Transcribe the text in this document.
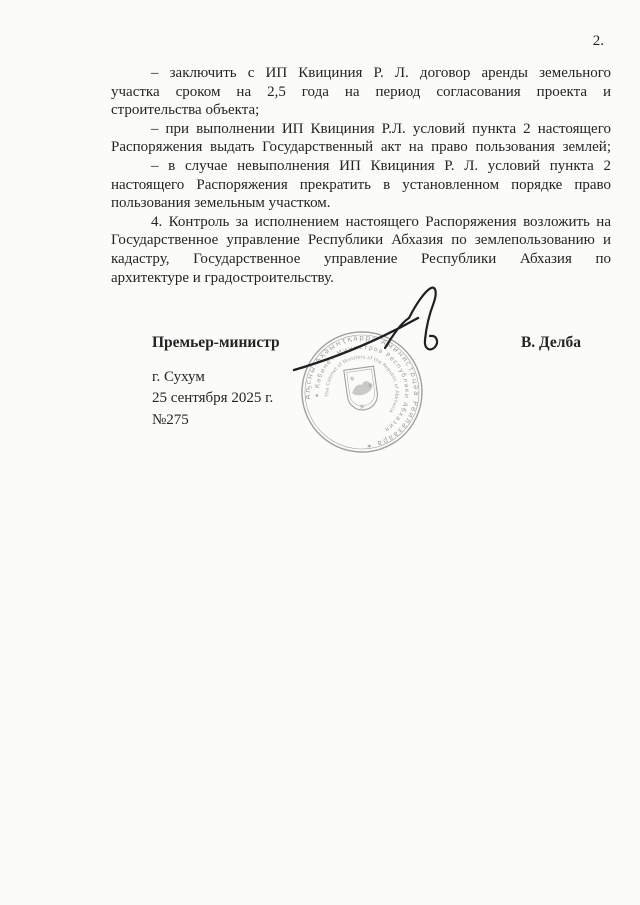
2.
– заключить с ИП Квициния Р. Л. договор аренды земельного
участка сроком на 2,5 года на период согласования проекта и
строительства объекта;
– при выполнении ИП Квициния Р.Л. условий пункта 2 настоящего
Распоряжения выдать Государственный акт на право пользования землей;
– в случае невыполнения ИП Квициния Р. Л. условий пункта 2
настоящего Распоряжения прекратить в установленном порядке право
пользования земельным участком.
4. Контроль за исполнением настоящего Распоряжения возложить на
Государственное управление Республики Абхазия по землепользованию и
кадастру, Государственное управление Республики Абхазия по
архитектуре и градостроительству.
Премьер-министр	В. Делба
г. Сухум
25 сентября 2025 г.
№275
Аҧсны Аҳәынҭқарра Аминистрцәа Реилазаара ✶
✶ Кабинет Министров Республики Абхазия
The Cabinet of Ministers of the Republic of Abkhazia
✳
✳
✳
